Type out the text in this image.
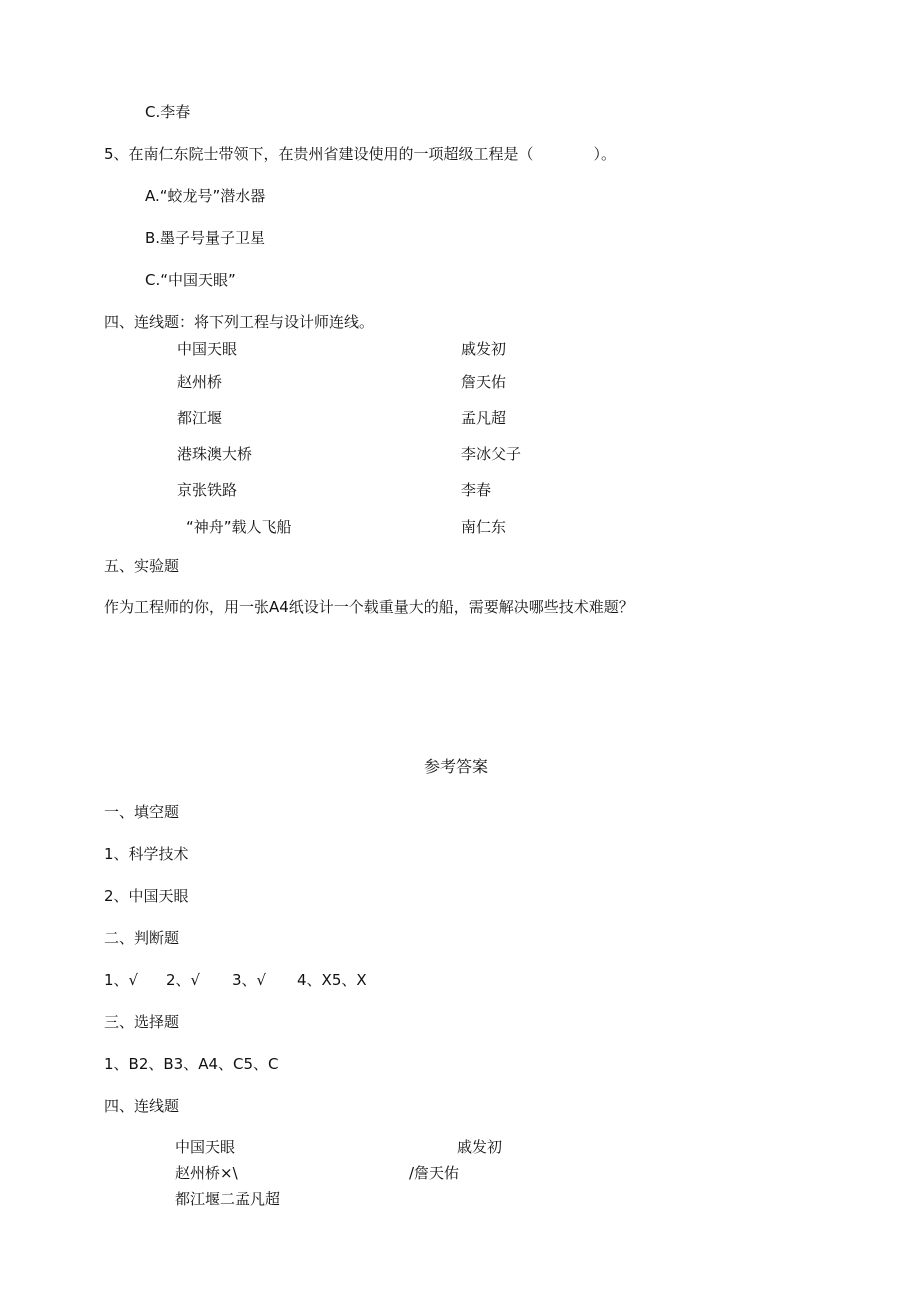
C.李春
5、在南仁东院士带领下，在贵州省建设使用的一项超级工程是（　　　　）。
A.“蛟龙号”潜水器
B.墨子号量子卫星
C.“中国天眼”
四、连线题：将下列工程与设计师连线。
中国天眼
赵州桥
都江堰
港珠澳大桥
京张铁路
“神舟”载人飞船
戚发初
詹天佑
孟凡超
李冰父子
李春
南仁东
五、实验题
作为工程师的你，用一张A4纸设计一个载重量大的船，需要解决哪些技术难题？
参考答案
一、填空题
1、科学技术
2、中国天眼
二、判断题
1、√ 2、√ 3、√ 4、X5、X
三、选择题
1、B2、B3、A4、C5、C
四、连线题
中国天眼	戚发初
赵州桥×\	/詹天佑
都江堰二孟凡超
